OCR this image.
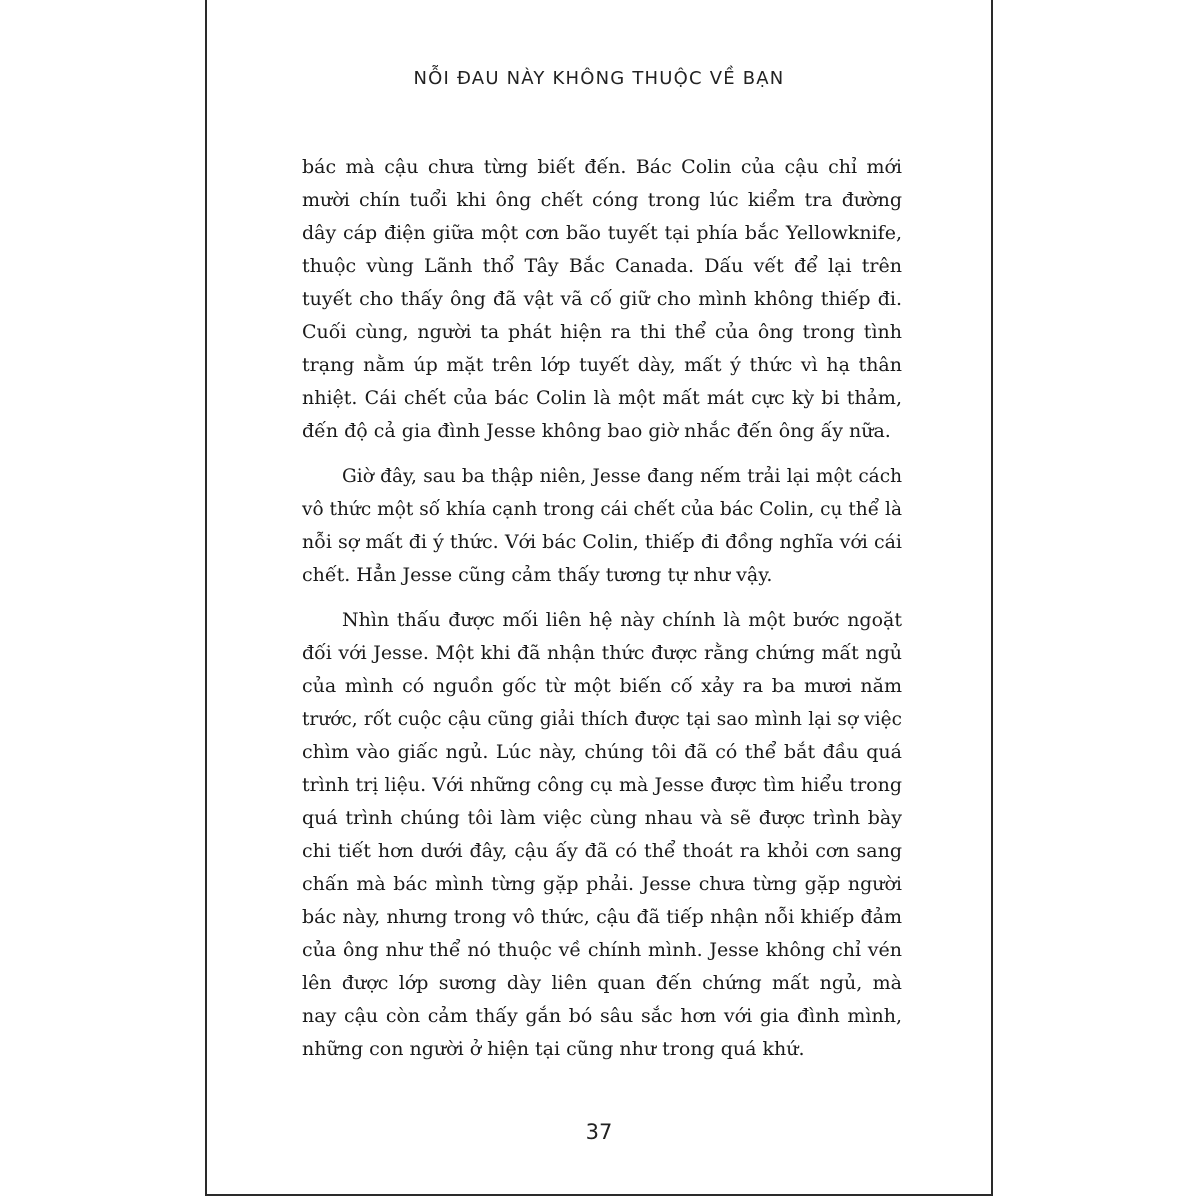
NỖI ĐAU NÀY KHÔNG THUỘC VỀ BẠN

bác mà cậu chưa từng biết đến. Bác Colin của cậu chỉ mới
mười chín tuổi khi ông chết cóng trong lúc kiểm tra đường
dây cáp điện giữa một cơn bão tuyết tại phía bắc Yellowknife,
thuộc vùng Lãnh thổ Tây Bắc Canada. Dấu vết để lại trên
tuyết cho thấy ông đã vật vã cố giữ cho mình không thiếp đi.
Cuối cùng, người ta phát hiện ra thi thể của ông trong tình
trạng nằm úp mặt trên lớp tuyết dày, mất ý thức vì hạ thân
nhiệt. Cái chết của bác Colin là một mất mát cực kỳ bi thảm,
đến độ cả gia đình Jesse không bao giờ nhắc đến ông ấy nữa.
Giờ đây, sau ba thập niên, Jesse đang nếm trải lại một cách
vô thức một số khía cạnh trong cái chết của bác Colin, cụ thể là
nỗi sợ mất đi ý thức. Với bác Colin, thiếp đi đồng nghĩa với cái
chết. Hẳn Jesse cũng cảm thấy tương tự như vậy.
Nhìn thấu được mối liên hệ này chính là một bước ngoặt
đối với Jesse. Một khi đã nhận thức được rằng chứng mất ngủ
của mình có nguồn gốc từ một biến cố xảy ra ba mươi năm
trước, rốt cuộc cậu cũng giải thích được tại sao mình lại sợ việc
chìm vào giấc ngủ. Lúc này, chúng tôi đã có thể bắt đầu quá
trình trị liệu. Với những công cụ mà Jesse được tìm hiểu trong
quá trình chúng tôi làm việc cùng nhau và sẽ được trình bày
chi tiết hơn dưới đây, cậu ấy đã có thể thoát ra khỏi cơn sang
chấn mà bác mình từng gặp phải. Jesse chưa từng gặp người
bác này, nhưng trong vô thức, cậu đã tiếp nhận nỗi khiếp đảm
của ông như thể nó thuộc về chính mình. Jesse không chỉ vén
lên được lớp sương dày liên quan đến chứng mất ngủ, mà
nay cậu còn cảm thấy gắn bó sâu sắc hơn với gia đình mình,
những con người ở hiện tại cũng như trong quá khứ.

37
